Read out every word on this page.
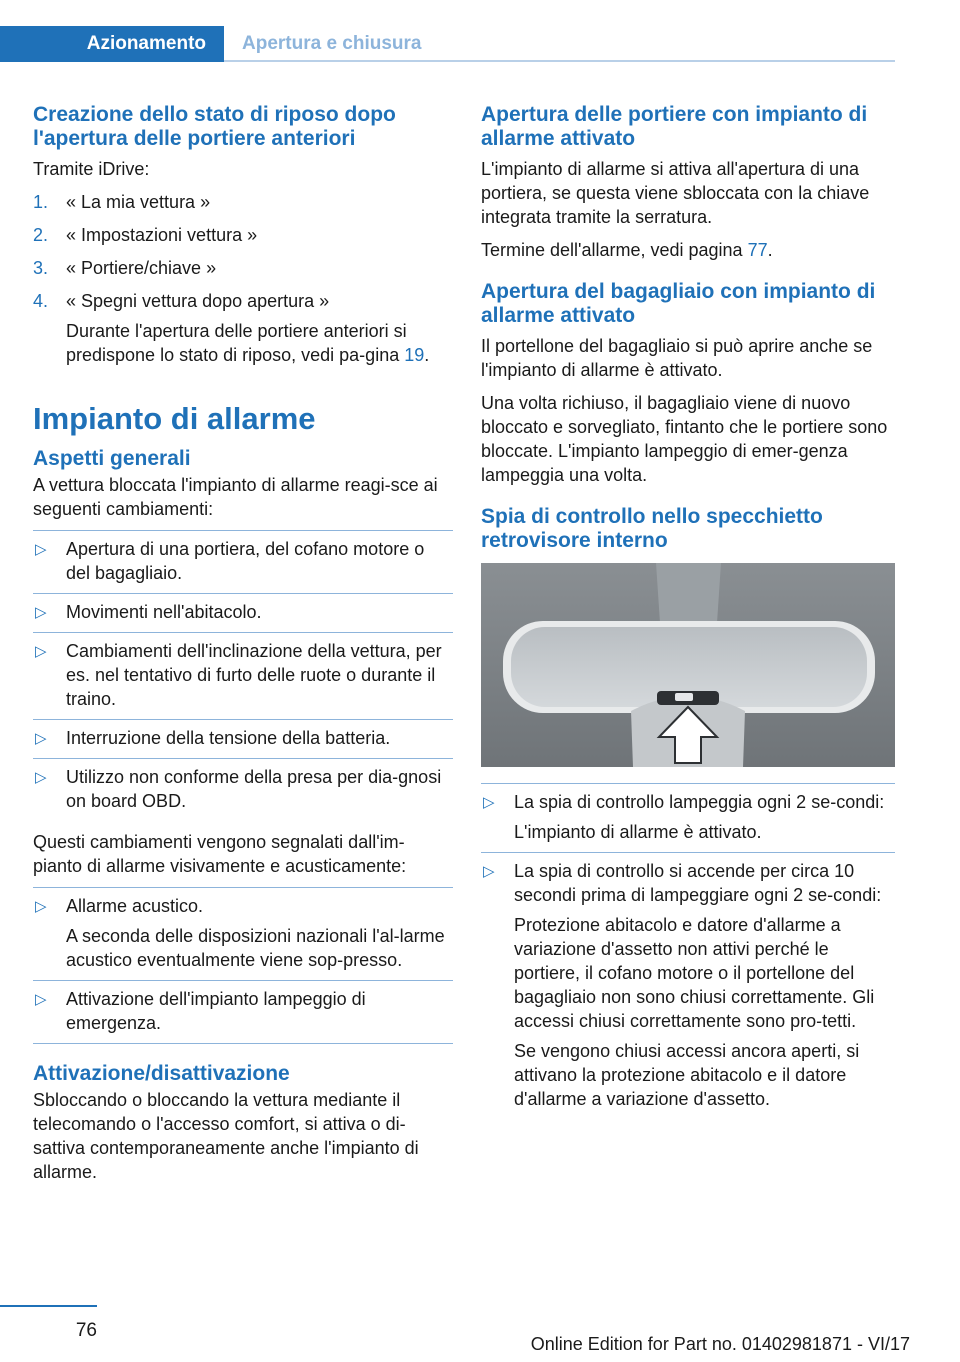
Azionamento	Apertura e chiusura
Creazione dello stato di riposo dopo l'apertura delle portiere anteriori

Tramite iDrive:

1. « La mia vettura »
2. « Impostazioni vettura »
3. « Portiere/chiave »
4. « Spegni vettura dopo apertura »
Durante l'apertura delle portiere anteriori si predispone lo stato di riposo, vedi pa-gina 19.
Impianto di allarme
Aspetti generali

A vettura bloccata l'impianto di allarme reagi-sce ai seguenti cambiamenti:

▷ Apertura di una portiera, del cofano motore o del bagagliaio.
▷ Movimenti nell'abitacolo.
▷ Cambiamenti dell'inclinazione della vettura, per es. nel tentativo di furto delle ruote o durante il traino.
▷ Interruzione della tensione della batteria.
▷ Utilizzo non conforme della presa per dia-gnosi on board OBD.

Questi cambiamenti vengono segnalati dall'im-pianto di allarme visivamente e acusticamente:

▷ Allarme acustico.

A seconda delle disposizioni nazionali l'al-larme acustico eventualmente viene sop-presso.

▷ Attivazione dell'impianto lampeggio di emergenza.

Attivazione/disattivazione

Sbloccando o bloccando la vettura mediante il telecomando o l'accesso comfort, si attiva o di-sattiva contemporaneamente anche l'impianto di allarme.

Apertura delle portiere con impianto di allarme attivato

L'impianto di allarme si attiva all'apertura di una portiera, se questa viene sbloccata con la chiave integrata tramite la serratura.

Termine dell'allarme, vedi pagina 77.

Apertura del bagagliaio con impianto di allarme attivato

Il portellone del bagagliaio si può aprire anche se l'impianto di allarme è attivato.

Una volta richiuso, il bagagliaio viene di nuovo bloccato e sorvegliato, fintanto che le portiere sono bloccate. L'impianto lampeggio di emer-genza lampeggia una volta.

Spia di controllo nello specchietto retrovisore interno
▷ La spia di controllo lampeggia ogni 2 se-condi:

L'impianto di allarme è attivato.

▷ La spia di controllo si accende per circa 10 secondi prima di lampeggiare ogni 2 se-condi:

Protezione abitacolo e datore d'allarme a variazione d'assetto non attivi perché le portiere, il cofano motore o il portellone del bagagliaio non sono chiusi correttamente. Gli accessi chiusi correttamente sono pro-tetti.

Se vengono chiusi accessi ancora aperti, si attivano la protezione abitacolo e il datore d'allarme a variazione d'assetto.

76
Online Edition for Part no. 01402981871 - VI/17
